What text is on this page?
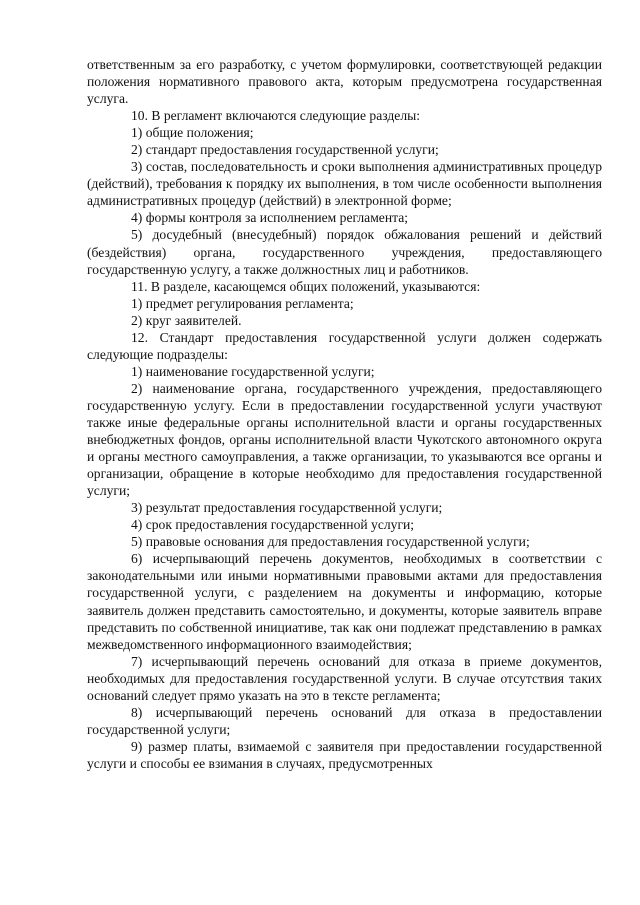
ответственным за его разработку, с учетом формулировки, соответствующей редакции положения нормативного правового акта, которым предусмотрена государственная услуга.

10. В регламент включаются следующие разделы:

1) общие положения;

2) стандарт предоставления государственной услуги;

3) состав, последовательность и сроки выполнения административных процедур (действий), требования к порядку их выполнения, в том числе особенности выполнения административных процедур (действий) в электронной форме;

4) формы контроля за исполнением регламента;

5) досудебный (внесудебный) порядок обжалования решений и действий (бездействия) органа, государственного учреждения, предоставляющего государственную услугу, а также должностных лиц и работников.

11. В разделе, касающемся общих положений, указываются:

1) предмет регулирования регламента;

2) круг заявителей.

12. Стандарт предоставления государственной услуги должен содержать следующие подразделы:

1) наименование государственной услуги;

2) наименование органа, государственного учреждения, предоставляющего государственную услугу. Если в предоставлении государственной услуги участвуют также иные федеральные органы исполнительной власти и органы государственных внебюджетных фондов, органы исполнительной власти Чукотского автономного округа и органы местного самоуправления, а также организации, то указываются все органы и организации, обращение в которые необходимо для предоставления государственной услуги;

3) результат предоставления государственной услуги;

4) срок предоставления государственной услуги;

5) правовые основания для предоставления государственной услуги;

6) исчерпывающий перечень документов, необходимых в соответствии с законодательными или иными нормативными правовыми актами для предоставления государственной услуги, с разделением на документы и информацию, которые заявитель должен представить самостоятельно, и документы, которые заявитель вправе представить по собственной инициативе, так как они подлежат представлению в рамках межведомственного информационного взаимодействия;

7) исчерпывающий перечень оснований для отказа в приеме документов, необходимых для предоставления государственной услуги. В случае отсутствия таких оснований следует прямо указать на это в тексте регламента;

8) исчерпывающий перечень оснований для отказа в предоставлении государственной услуги;

9) размер платы, взимаемой с заявителя при предоставлении государственной услуги и способы ее взимания в случаях, предусмотренных
